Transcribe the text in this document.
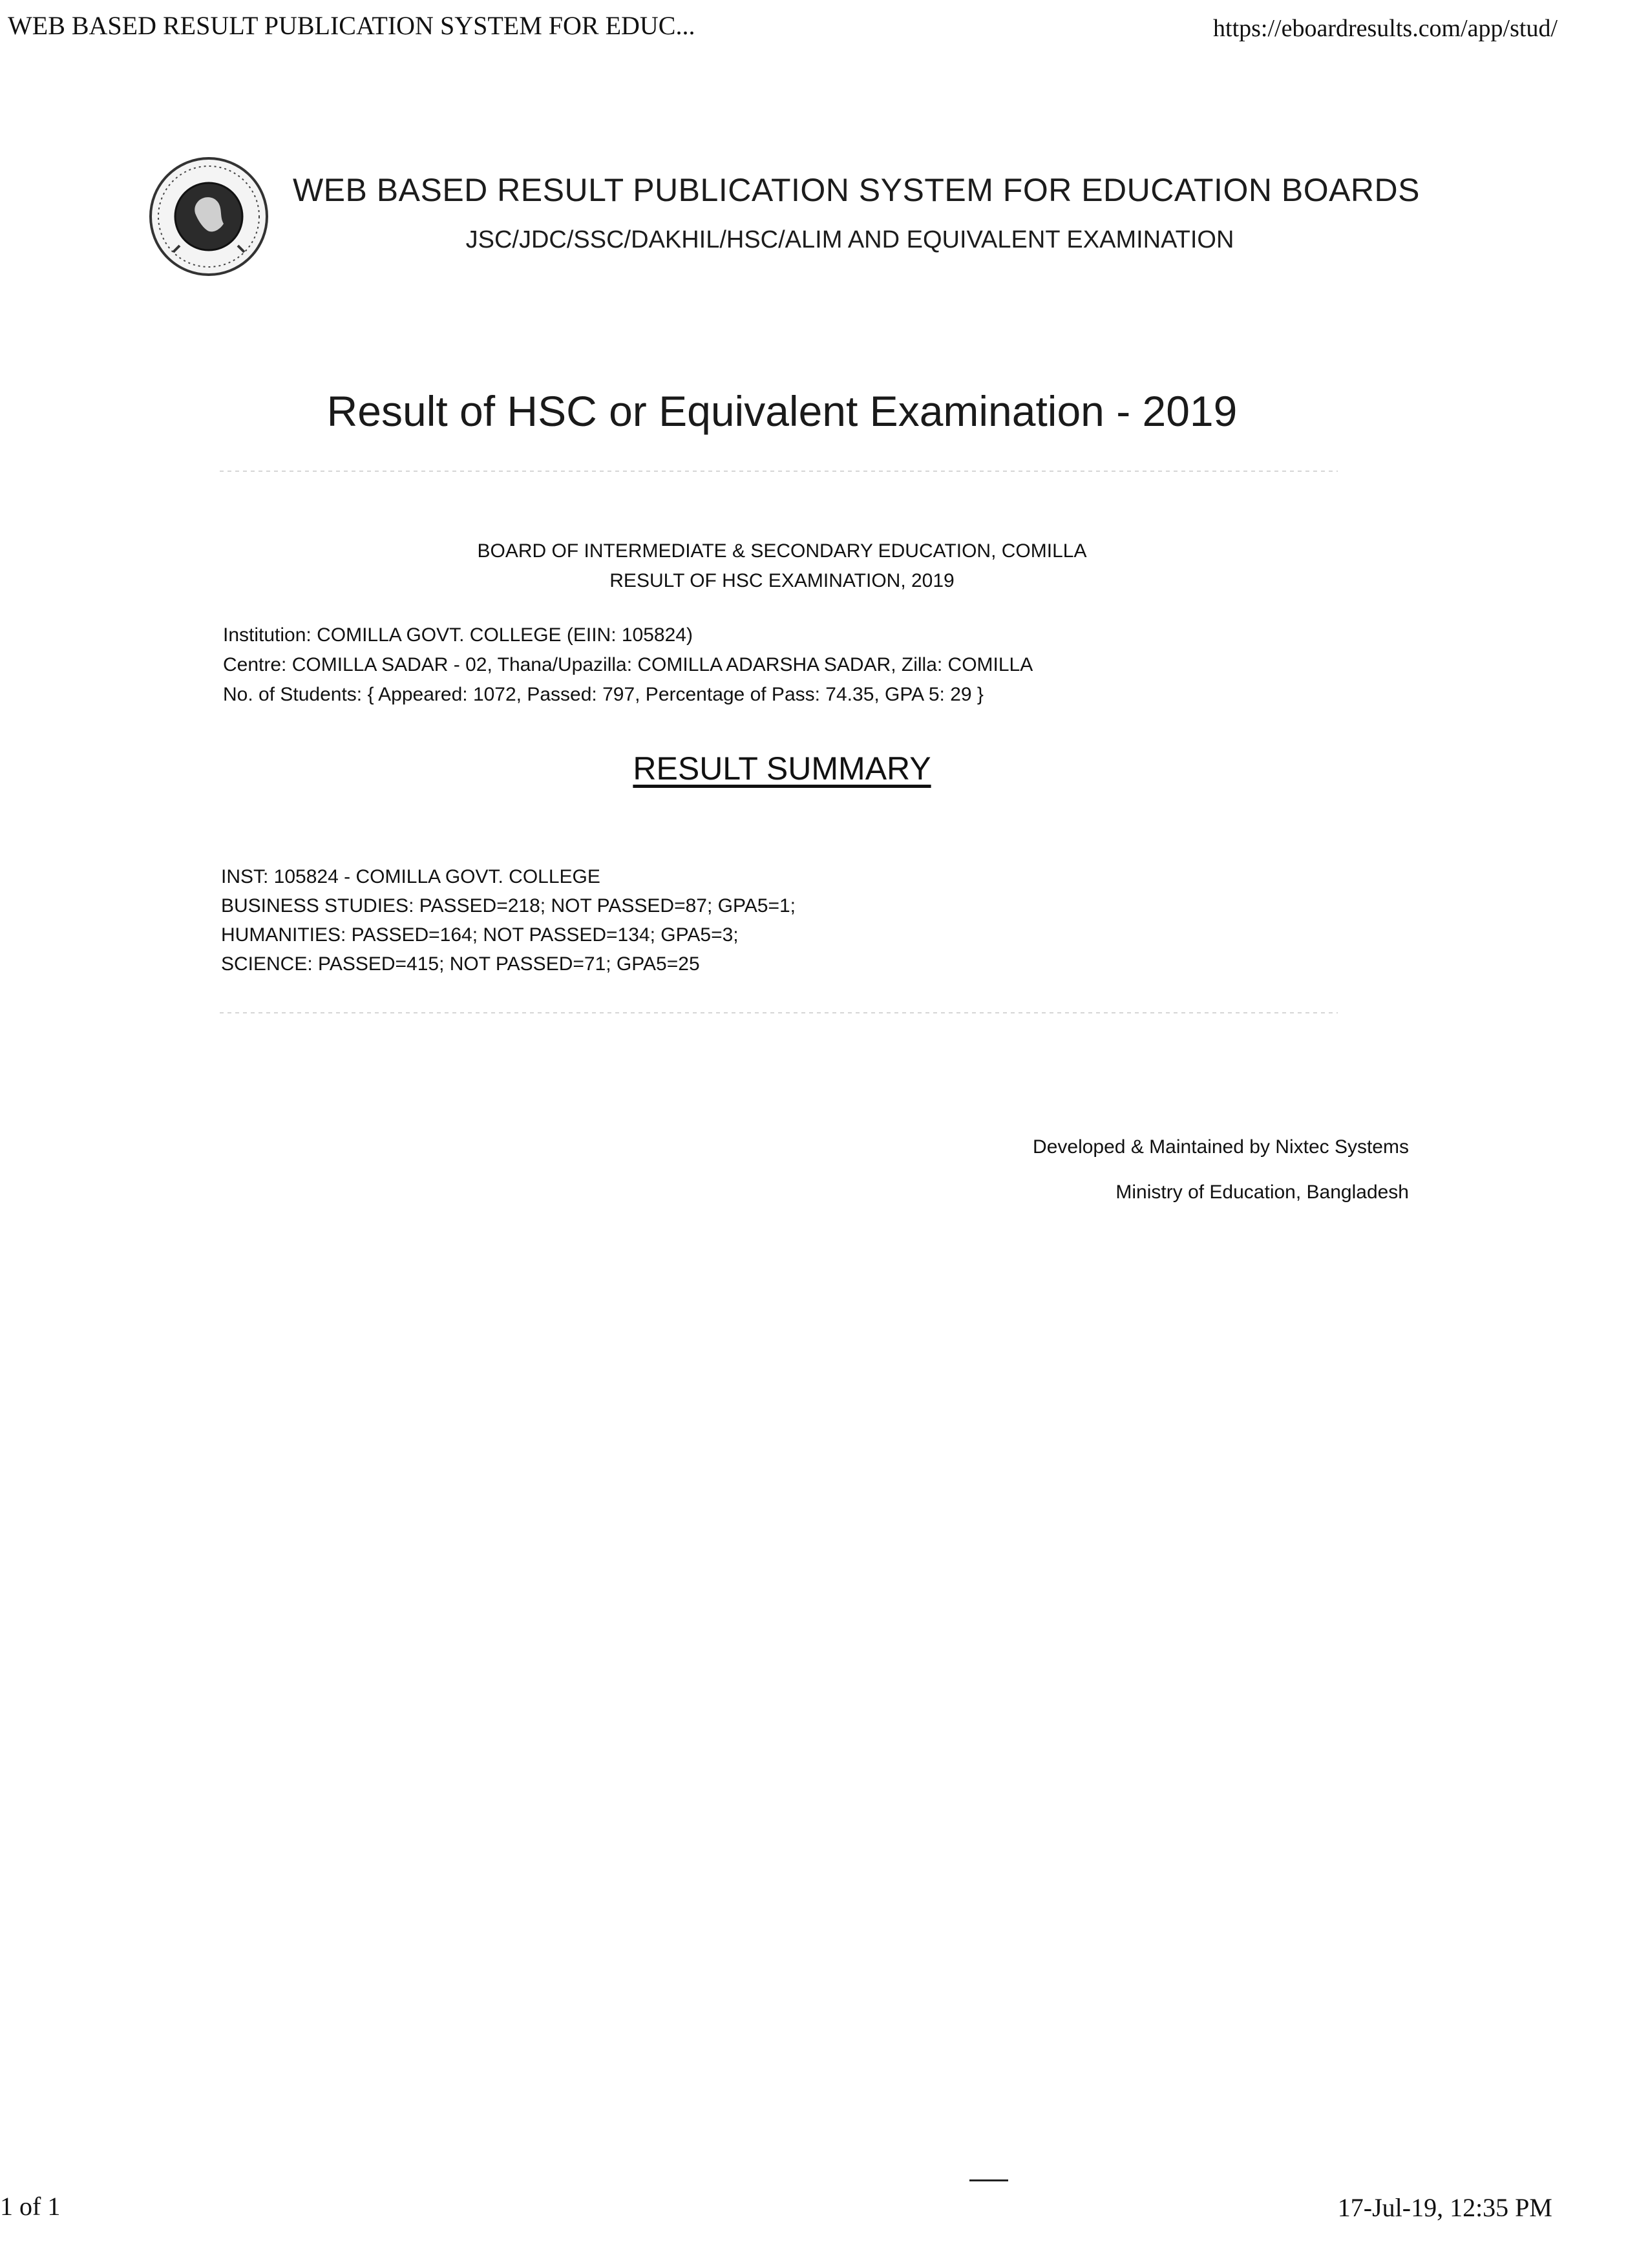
WEB BASED RESULT PUBLICATION SYSTEM FOR EDUC...	https://eboardresults.com/app/stud/
WEB BASED RESULT PUBLICATION SYSTEM FOR EDUCATION BOARDS
JSC/JDC/SSC/DAKHIL/HSC/ALIM AND EQUIVALENT EXAMINATION
Result of HSC or Equivalent Examination - 2019
BOARD OF INTERMEDIATE & SECONDARY EDUCATION, COMILLA
RESULT OF HSC EXAMINATION, 2019
Institution: COMILLA GOVT. COLLEGE (EIIN: 105824)
Centre: COMILLA SADAR - 02, Thana/Upazilla: COMILLA ADARSHA SADAR, Zilla: COMILLA
No. of Students: { Appeared: 1072, Passed: 797, Percentage of Pass: 74.35, GPA 5: 29 }
RESULT SUMMARY
INST: 105824 - COMILLA GOVT. COLLEGE
BUSINESS STUDIES: PASSED=218; NOT PASSED=87; GPA5=1;
HUMANITIES: PASSED=164; NOT PASSED=134; GPA5=3;
SCIENCE: PASSED=415; NOT PASSED=71; GPA5=25
Developed & Maintained by Nixtec Systems
Ministry of Education, Bangladesh
1 of 1	17-Jul-19, 12:35 PM
